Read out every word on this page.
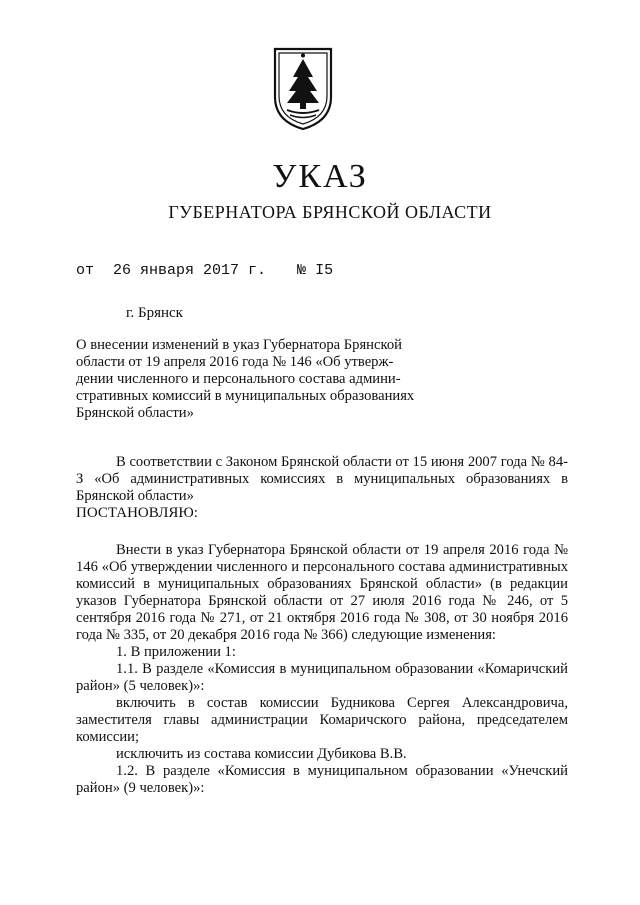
УКАЗ
ГУБЕРНАТОРА БРЯНСКОЙ ОБЛАСТИ
от 26 января 2017 г. № I5
г. Брянск
О внесении изменений в указ Губернатора Брянской
области от 19 апреля 2016 года № 146 «Об утверж-
дении численного и персонального состава админи-
стративных комиссий в муниципальных образованиях
Брянской области»

В соответствии с Законом Брянской области от 15 июня 2007 года № 84-З «Об административных комиссиях в муниципальных образованиях в Брянской области»

ПОСТАНОВЛЯЮ:

Внести в указ Губернатора Брянской области от 19 апреля 2016 года № 146 «Об утверждении численного и персонального состава административных комиссий в муниципальных образованиях Брянской области» (в редакции указов Губернатора Брянской области от 27 июля 2016 года № 246, от 5 сентября 2016 года № 271, от 21 октября 2016 года № 308, от 30 ноября 2016 года № 335, от 20 декабря 2016 года № 366) следующие изменения:

1. В приложении 1:

1.1. В разделе «Комиссия в муниципальном образовании «Комаричский район» (5 человек)»:

включить в состав комиссии Будникова Сергея Александровича, заместителя главы администрации Комаричского района, председателем комиссии;

исключить из состава комиссии Дубикова В.В.

1.2. В разделе «Комиссия в муниципальном образовании «Унечский район» (9 человек)»:
